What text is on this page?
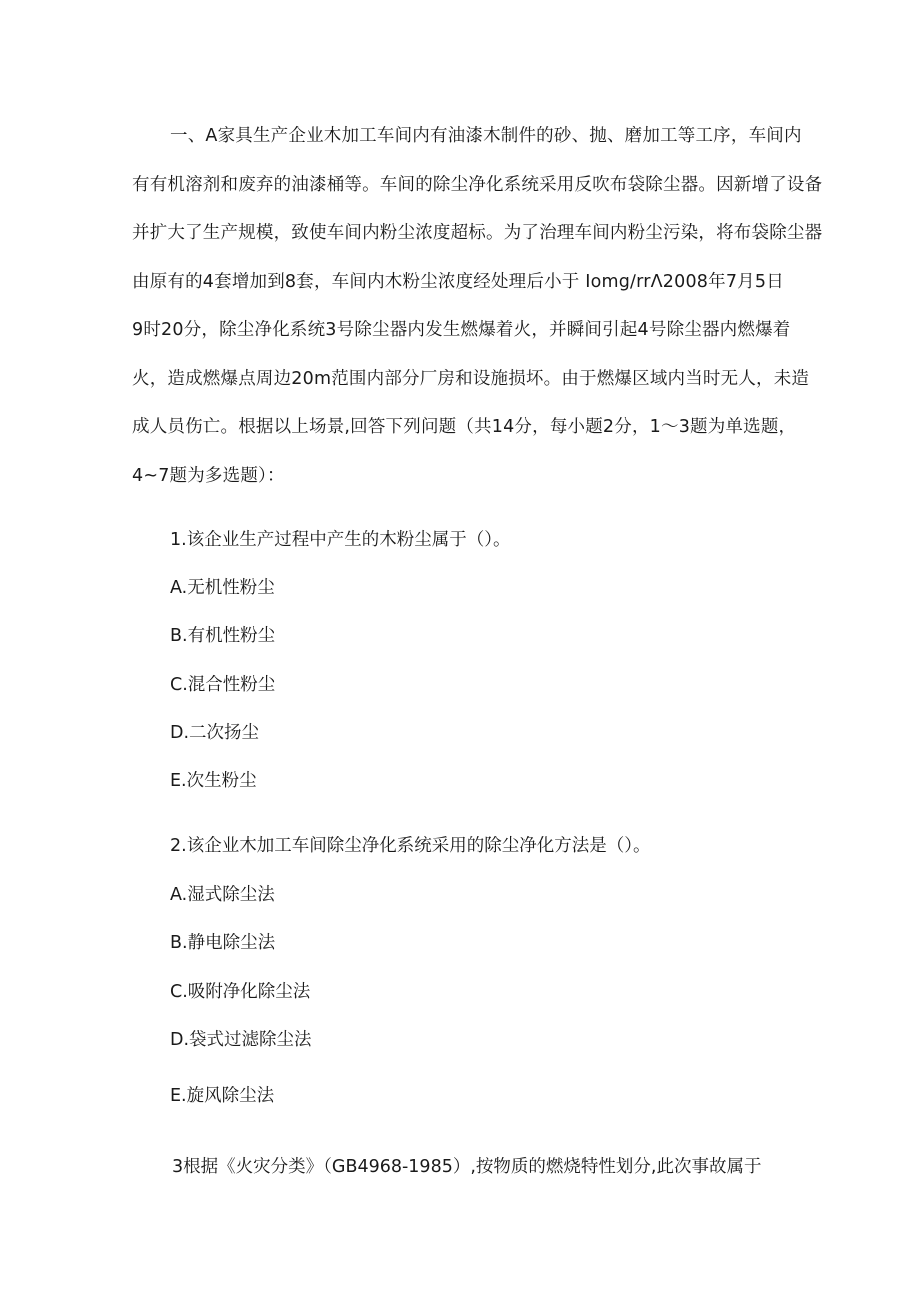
一、A家具生产企业木加工车间内有油漆木制件的砂、抛、磨加工等工序，车间内
有有机溶剂和废弃的油漆桶等。车间的除尘净化系统采用反吹布袋除尘器。因新增了设备
并扩大了生产规模，致使车间内粉尘浓度超标。为了治理车间内粉尘污染，将布袋除尘器
由原有的4套增加到8套，车间内木粉尘浓度经处理后小于 Iomg∕rrΛ2008年7月5日
9时20分，除尘净化系统3号除尘器内发生燃爆着火，并瞬间引起4号除尘器内燃爆着
火，造成燃爆点周边20m范围内部分厂房和设施损坏。由于燃爆区域内当时无人，未造
成人员伤亡。根据以上场景,回答下列问题（共14分，每小题2分，1〜3题为单选题，
4~7题为多选题）：
1.该企业生产过程中产生的木粉尘属于（）。
A.无机性粉尘
B.有机性粉尘
C.混合性粉尘
D.二次扬尘
E.次生粉尘
2.该企业木加工车间除尘净化系统采用的除尘净化方法是（）。
A.湿式除尘法
B.静电除尘法
C.吸附净化除尘法
D.袋式过滤除尘法
E.旋风除尘法
3根据《火灾分类》（GB4968-1985）,按物质的燃烧特性划分,此次事故属于
